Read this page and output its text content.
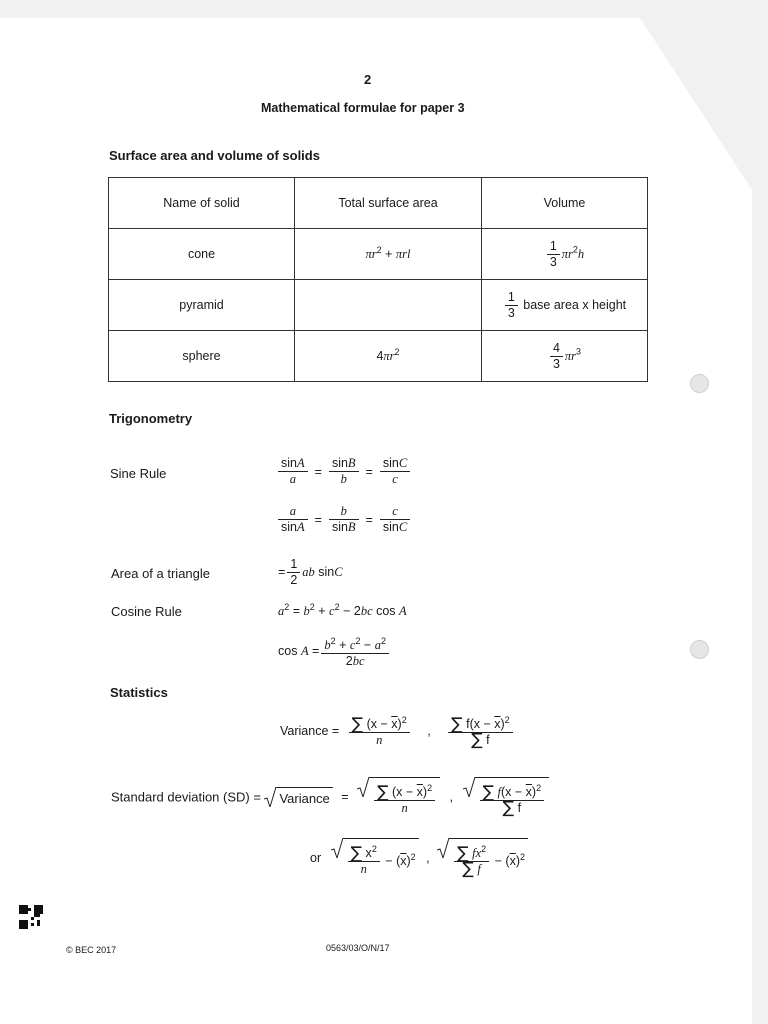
2
Mathematical formulae for paper 3
Surface area and volume of solids
Name of solid	Total surface area	Volume
cone	$\pi r^2 + \pi rl$	$\frac{1}{3} \pi r^2h$
pyramid		$\frac{1}{3}$ base area x height
sphere	$4\pi r^2$	$\frac{4}{3} \pi r^3$
Trigonometry
Sine Rule	$\frac{\sin A}{a} = \frac{\sin B}{b} = \frac{\sin C}{c}$
$\frac{a}{\sin A} = \frac{b}{\sin B} = \frac{c}{\sin C}$
Area of a triangle	= $\frac{1}{2}$ ab sinC
Cosine Rule	$a^2 = b^2 + c^2 - 2bc$ cos A
$\cos A = \frac{b^2 + c^2 - a^2}{2bc}$
Statistics
Variance = $\frac{\sum (x - \overline{x})^2}{n}$ , $\frac{\sum f(x - \overline{x})^2}{\sum f}$
Standard deviation (SD) = Variance = $\frac{\sum (x - \overline{x})^2}{n}$ , $\frac{\sum f(x - \overline{x})^2}{\sum f}$
or $\frac{\sum x^2}{n} - (\overline{x})^2$ , $\frac{\sum fx^2}{\sum f} - (\overline{x})^2$
© BEC 2017	0563/03/O/N/17
